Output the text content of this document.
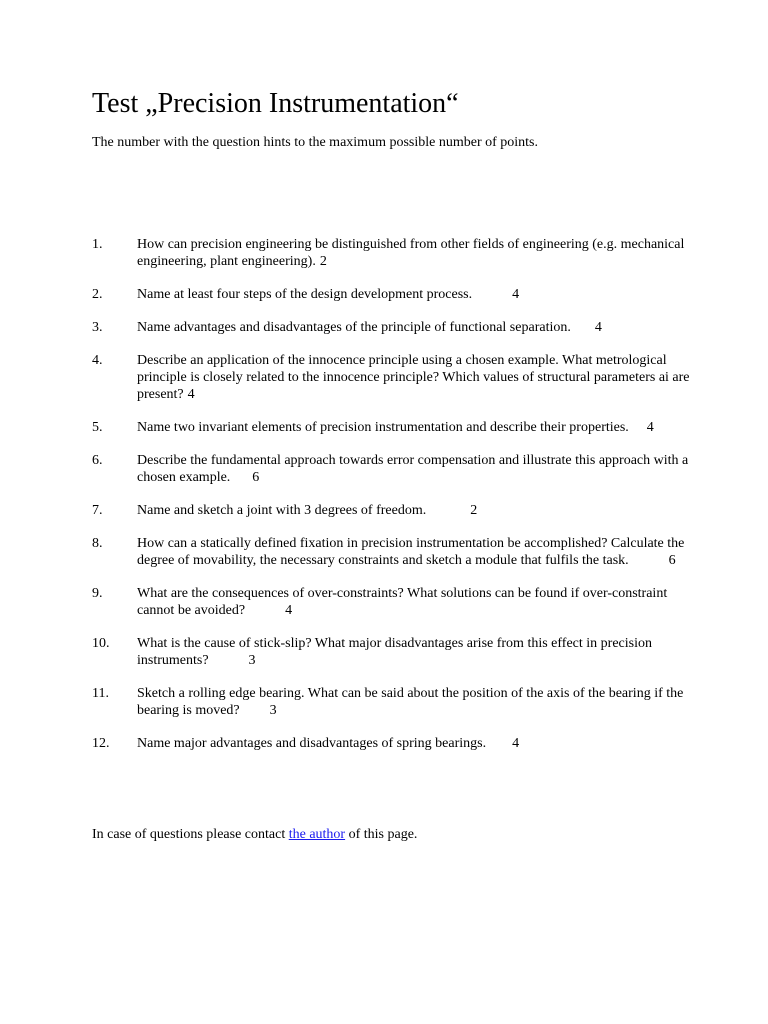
Test „Precision Instrumentation“

The number with the question hints to the maximum possible number of points.

1. How can precision engineering be distinguished from other fields of engineering (e.g. mechanical engineering, plant engineering). 2
2. Name at least four steps of the design development process.	4
3. Name advantages and disadvantages of the principle of functional separation. 4
4. Describe an application of the innocence principle using a chosen example. What metrological principle is closely related to the innocence principle? Which values of structural parameters ai are present? 4
5. Name two invariant elements of precision instrumentation and describe their properties. 4
6. Describe the fundamental approach towards error compensation and illustrate this approach with a chosen example. 6
7. Name and sketch a joint with 3 degrees of freedom.	2
8. How can a statically defined fixation in precision instrumentation be accomplished? Calculate the degree of movability, the necessary constraints and sketch a module that fulfils the task.	6
9. What are the consequences of over-constraints? What solutions can be found if over-constraint cannot be avoided?	4
10. What is the cause of stick-slip? What major disadvantages arise from this effect in precision instruments?	3
11. Sketch a rolling edge bearing. What can be said about the position of the axis of the bearing if the bearing is moved? 3
12. Name major advantages and disadvantages of spring bearings. 4

In case of questions please contact the author of this page.
